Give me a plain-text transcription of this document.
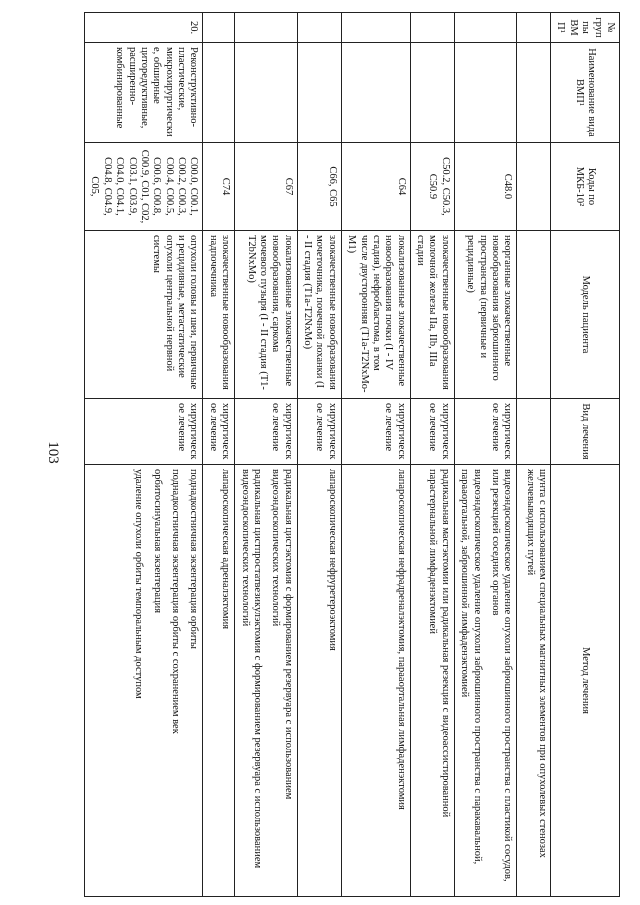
103
№ группы ВМП¹	Наименование вида ВМП¹	Коды по МКБ-10²	Модель пациента	Вид лечения	Метод лечения
					шунта с использованием специальных магнитных элементов при опухолевых стенозах желчевыводящих путей
		C48.0	неорганные злокачественные новообразования забрюшинного пространства (первичные и рецидивные)	хирургическое лечение	видеоэндоскопическое удаление опухоли забрюшинного пространства с пластикой сосудов, или резекцией соседних органов
видеоэндоскопическое удаление опухоли забрюшинного пространства с паракавальной, парааортальной, забрюшинной лимфаденэктомией

		C50.2, C50.3, C50.9	злокачественные новообразования молочной железы IIa, IIb, IIIa стадии	хирургическое лечение	радикальная мастэктомии или радикальная резекция с видеоассистированной парастернальной лимфаденэктомией

		C64	локализованные злокачественные новообразования почки (I - IV стадия), нефробластома, в том числе двусторонняя (T1a-T2NxMo-M1)	хирургическое лечение	лапароскопическая нефрадреналэктомия, парааортальная лимфаденэктомия

		C66, C65	злокачественные новообразования мочеточника, почечной лоханки (I - II стадия (T1a-T2NxMo)	хирургическое лечение	лапароскопическая нефруретероэктомия

		C67	локализованные злокачественные новообразования, саркома мочевого пузыря (I - II стадия (T1-T2bNxMo)	хирургическое лечение	радикальная цистэктомия с формированием резервуара с использованием видеоэндоскопических технологий
радикальная цистпростатвезикулэктомия с формированием резервуара с использованием видеоэндоскопических технологий

		C74	злокачественные новообразования надпочечника	хирургическое лечение	лапароскопическая адреналэктомия

20.	Реконструктивно-пластические, микрохирургические, обширные циторедуктивные, расширенно-комбинированные	C00.0, C00.1, C00.2, C00.3, C00.4, C00.5, C00.6, C00.8, C00.9, C01, C02, C03.1, C03.9, C04.0, C04.1, C04.8, C04.9, C05,	опухоли головы и шеи, первичные и рецидивные, метастатические опухоли центральной нервной системы	хирургическое лечение	поднадкостничная экзентерация орбиты
поднадкостничная экзентерация орбиты с сохранением век
орбитосинуальная экзентерация
удаление опухоли орбиты темпоральным доступом
